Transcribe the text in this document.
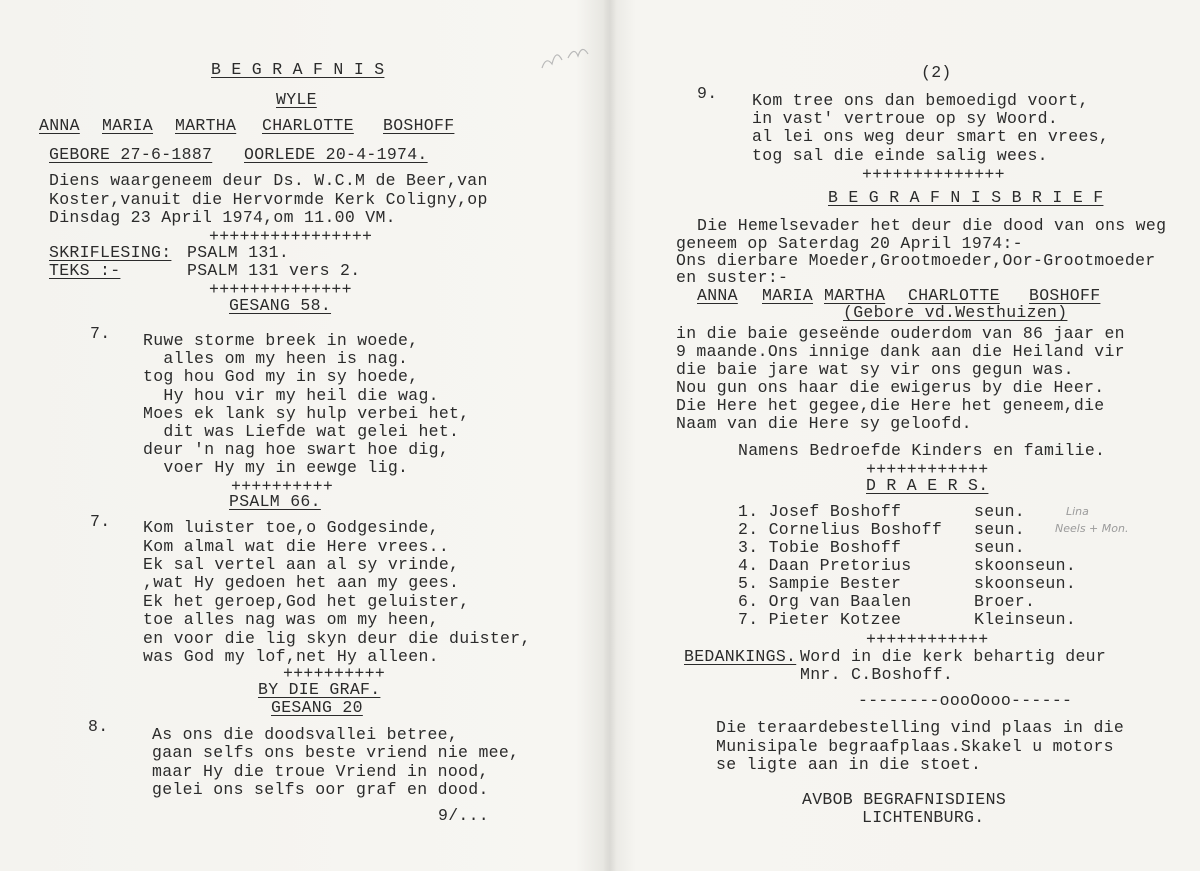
B E G R A F N I S
WYLE
ANNA MARIA MARTHA CHARLOTTE BOSHOFF
GEBORE 27-6-1887 OORLEDE 20-4-1974.
Diens waargeneem deur Ds. W.C.M de Beer,van
Koster,vanuit die Hervormde Kerk Coligny,op
Dinsdag 23 April 1974,om 11.00 VM.
++++++++++++++++
SKRIFLESING: PSALM 131.
TEKS :-	PSALM 131 vers 2.
++++++++++++++
GESANG 58.
7. Ruwe storme breek in woede,
alles om my heen is nag.
tog hou God my in sy hoede,
Hy hou vir my heil die wag.
Moes ek lank sy hulp verbei het,
dit was Liefde wat gelei het.
deur 'n nag hoe swart hoe dig,
voer Hy my in eewge lig.
++++++++++
PSALM 66.
7. Kom luister toe,o Godgesinde,
Kom almal wat die Here vrees..
Ek sal vertel aan al sy vrinde,
,wat Hy gedoen het aan my gees.
Ek het geroep,God het geluister,
toe alles nag was om my heen,
en voor die lig skyn deur die duister,
was God my lof,net Hy alleen.
++++++++++
BY DIE GRAF.
GESANG 20
8.	As ons die doodsvallei betree,
gaan selfs ons beste vriend nie mee,
maar Hy die troue Vriend in nood,
gelei ons selfs oor graf en dood.
9/...
(2)
9. Kom tree ons dan bemoedigd voort,
in vast' vertroue op sy Woord.
al lei ons weg deur smart en vrees,
tog sal die einde salig wees.
++++++++++++++
B E G R A F N I S B R I E F
Die Hemelsevader het deur die dood van ons weg
geneem op Saterdag 20 April 1974:-
Ons dierbare Moeder,Grootmoeder,Oor-Grootmoeder
en suster:-
ANNA MARIA MARTHA CHARLOTTE BOSHOFF
(Gebore vd.Westhuizen)
in die baie geseënde ouderdom van 86 jaar en
9 maande.Ons innige dank aan die Heiland vir
die baie jare wat sy vir ons gegun was.
Nou gun ons haar die ewigerus by die Heer.
Die Here het gegee,die Here het geneem,die
Naam van die Here sy geloofd.
Namens Bedroefde Kinders en familie.
++++++++++++
D R A E R S.
1. Josef Boshoff	seun.
2. Cornelius Boshoff seun.
3. Tobie Boshoff	seun.
4. Daan Pretorius	skoonseun.
5. Sampie Bester	skoonseun.
6. Org van Baalen	Broer.
7. Pieter Kotzee	Kleinseun.
++++++++++++
BEDANKINGS. Word in die kerk behartig deur
Mnr. C.Boshoff.
--------oooOooo------
Die teraardebestelling vind plaas in die
Munisipale begraafplaas.Skakel u motors
se ligte aan in die stoet.
AVBOB BEGRAFNISDIENS
LICHTENBURG.
Lina
Neels + Mon.
